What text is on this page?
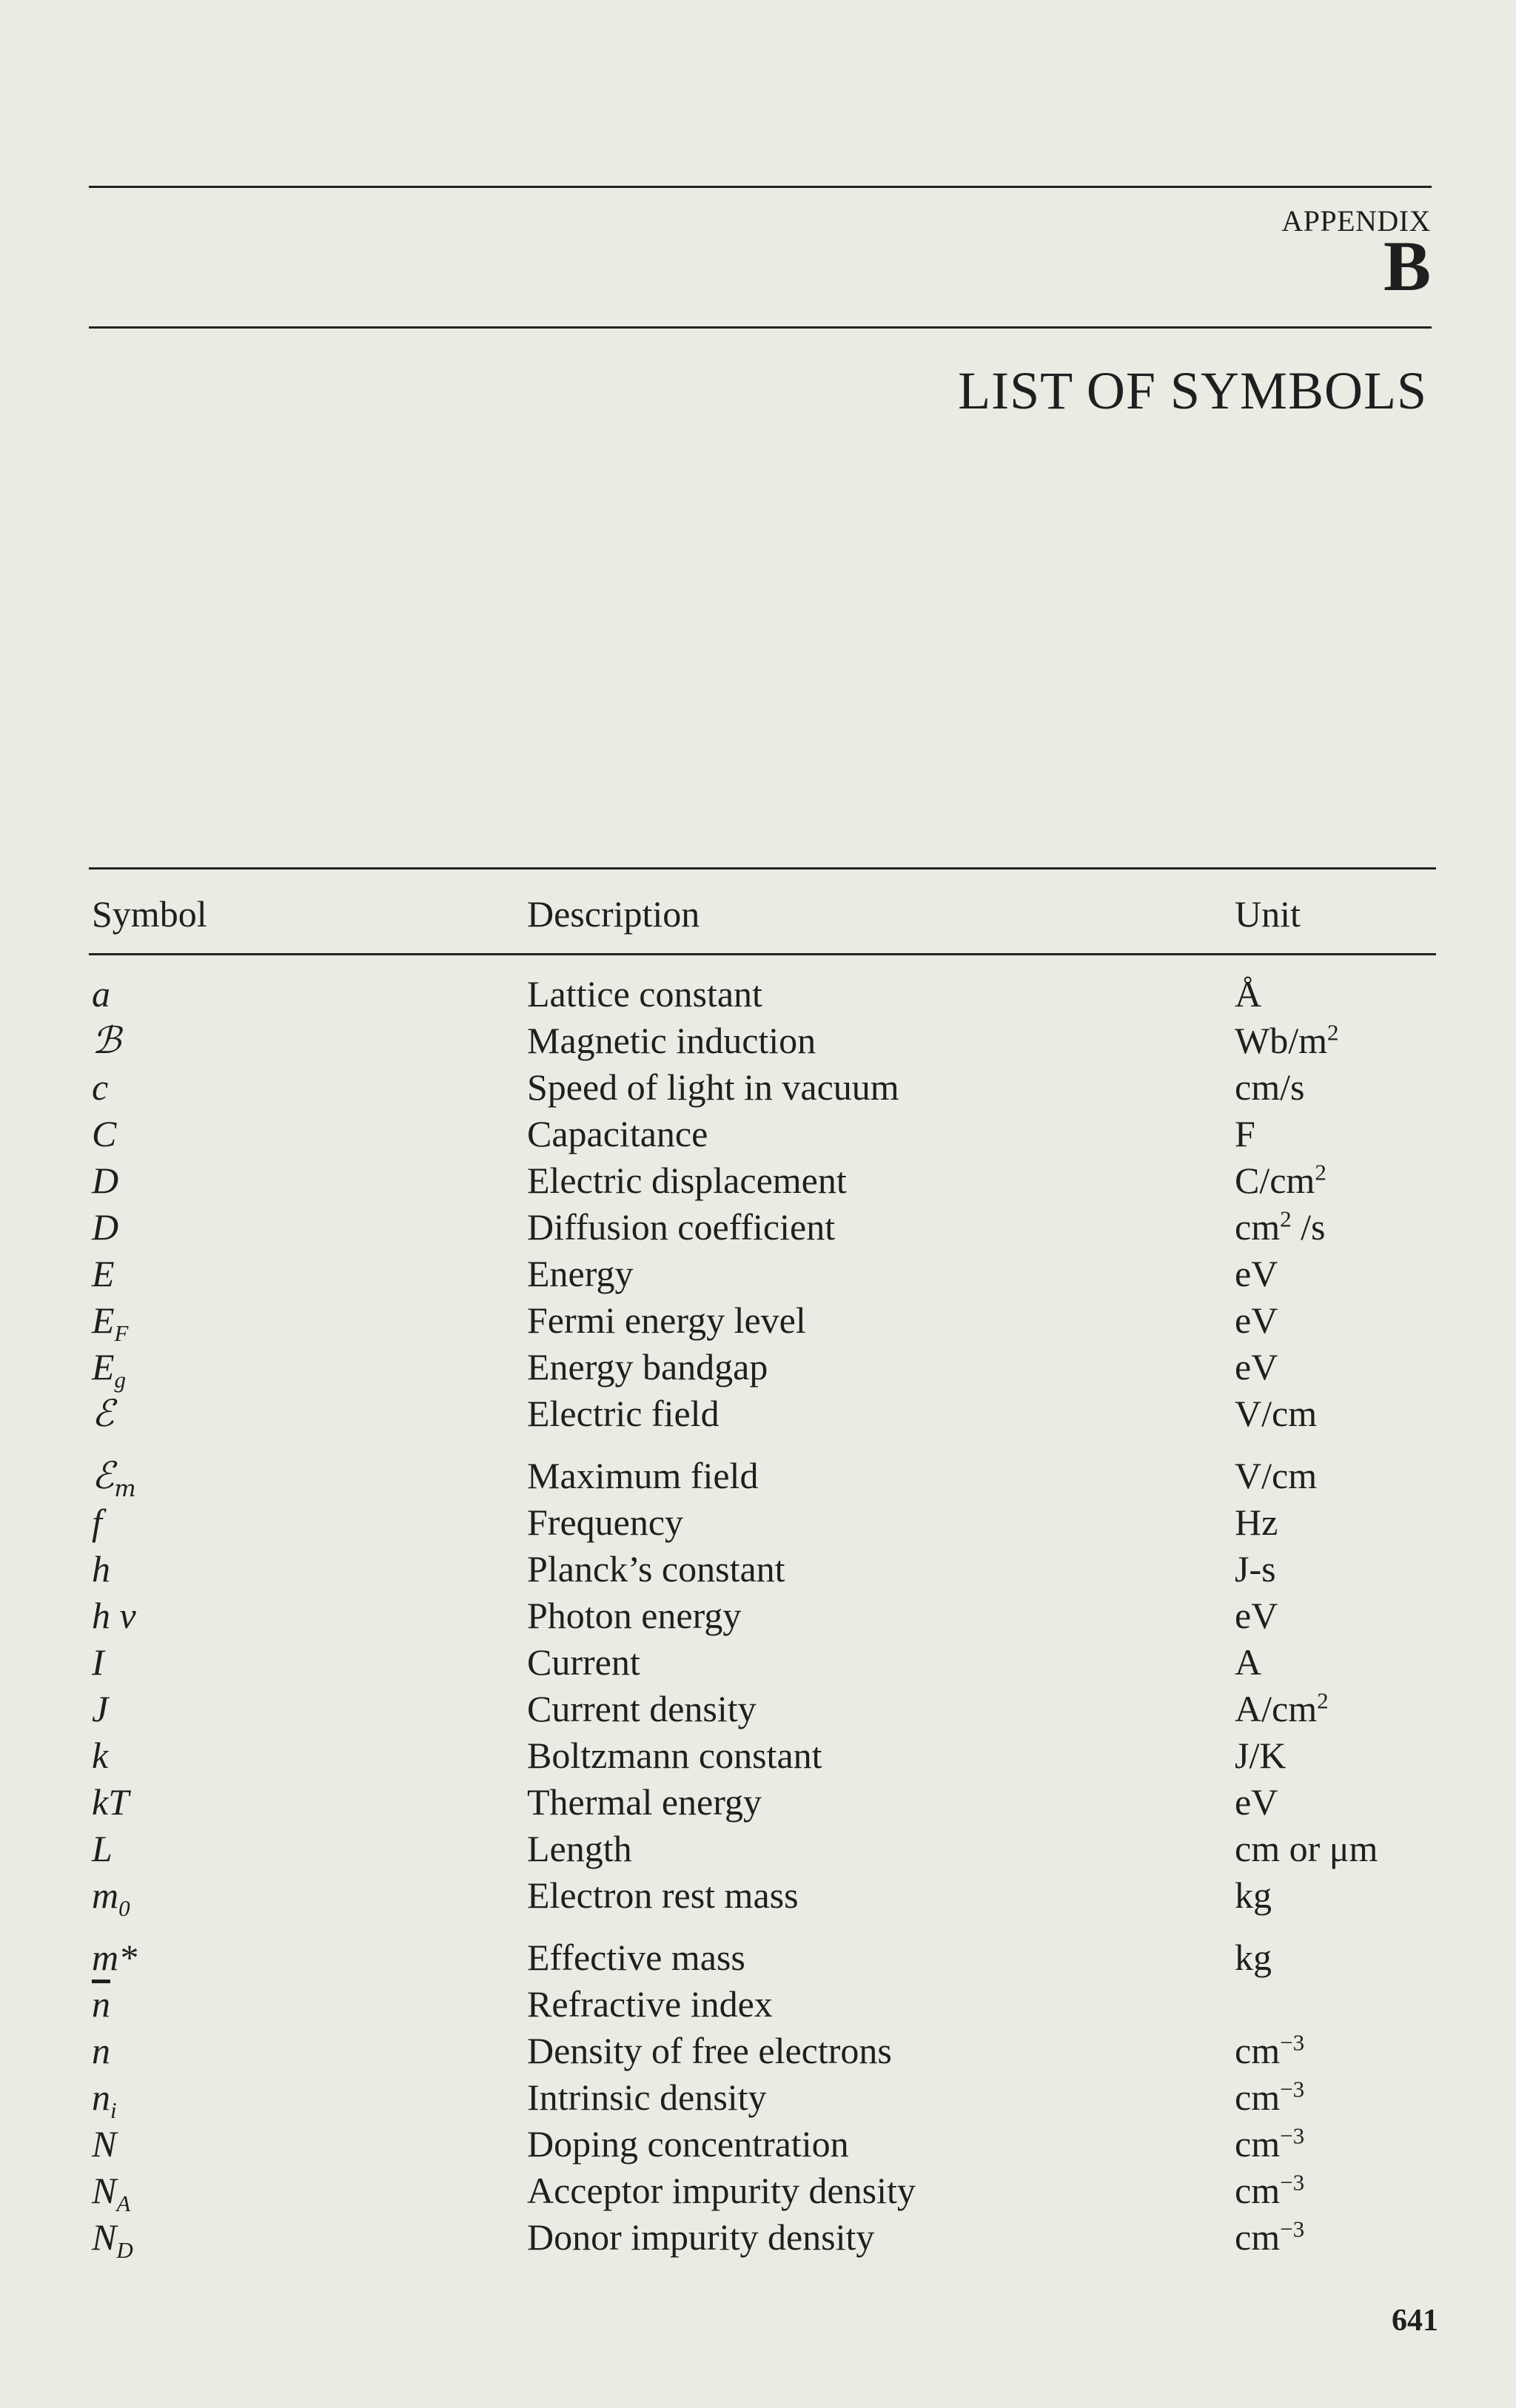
APPENDIX
B
LIST OF SYMBOLS
Symbol	Description	Unit
a	Lattice constant	Å
ℬ	Magnetic induction	$Wb/m^2$
c	Speed of light in vacuum	cm/s
C	Capacitance	F
D	Electric displacement	$C/cm^2$
D	Diffusion coefficient	$cm^2$ /s
E	Energy	eV
$E_F$	Fermi energy level	eV
$E_g$	Energy bandgap	eV
ℰ	Electric field	V/cm
ℰ$_m$	Maximum field	V/cm
f	Frequency	Hz
h	Planck’s constant	J-s
h ν	Photon energy	eV
I	Current	A
J	Current density	$A/cm^2$
k	Boltzmann constant	J/K
kT	Thermal energy	eV
L	Length	cm or μm
$m_0$	Electron rest mass	kg
m*	Effective mass	kg
$\overline{n}$	Refractive index
n	Density of free electrons	$cm^{-3}$
$n_i$	Intrinsic density	$cm^{-3}$
N	Doping concentration	$cm^{-3}$
$N_A$	Acceptor impurity density	$cm^{-3}$
$N_D$	Donor impurity density	$cm^{-3}$
641
